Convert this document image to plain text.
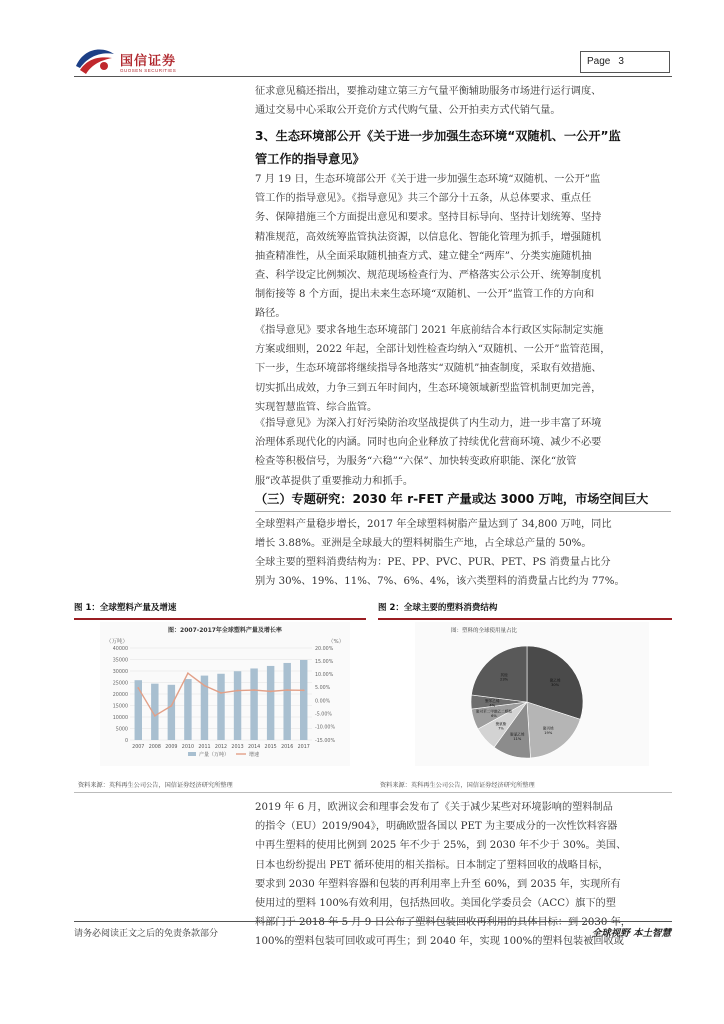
国信证券
GUOSEN SECURITIES
Page 3
征求意见稿还指出，要推动建立第三方气量平衡辅助服务市场进行运行调度、
通过交易中心采取公开竞价方式代购气量、公开拍卖方式代销气量。
3、生态环境部公开《关于进一步加强生态环境“双随机、一公开”监
管工作的指导意见》
7 月 19 日，生态环境部公开《关于进一步加强生态环境“双随机、一公开”监
管工作的指导意见》。《指导意见》共三个部分十五条，从总体要求、重点任
务、保障措施三个方面提出意见和要求。坚持目标导向、坚持计划统筹、坚持
精准规范，高效统筹监管执法资源，以信息化、智能化管理为抓手，增强随机
抽查精准性，从全面采取随机抽查方式、建立健全“两库”、分类实施随机抽
查、科学设定比例频次、规范现场检查行为、严格落实公示公开、统筹制度机
制衔接等 8 个方面，提出未来生态环境“双随机、一公开”监管工作的方向和
路径。
《指导意见》要求各地生态环境部门 2021 年底前结合本行政区实际制定实施
方案或细则，2022 年起，全部计划性检查均纳入“双随机、一公开”监管范围，
下一步，生态环境部将继续指导各地落实“双随机”抽查制度，采取有效措施、
切实抓出成效，力争三到五年时间内，生态环境领域新型监管机制更加完善，
实现智慧监管、综合监管。
《指导意见》为深入打好污染防治攻坚战提供了内生动力，进一步丰富了环境
治理体系现代化的内涵。同时也向企业释放了持续优化营商环境、减少不必要
检查等积极信号，为服务“六稳”“六保”、加快转变政府职能、深化“放管
服”改革提供了重要推动力和抓手。
（三）专题研究：2030 年 r-FET 产量或达 3000 万吨，市场空间巨大
全球塑料产量稳步增长，2017 年全球塑料树脂产量达到了 34,800 万吨，同比
增长 3.88%。亚洲是全球最大的塑料树脂生产地，占全球总产量的 50%。
全球主要的塑料消费结构为：PE、PP、PVC、PUR、PET、PS 消费量占比分
别为 30%、19%、11%、7%、6%、4%，该六类塑料的消费量占比约为 77%。
图 1：全球塑料产量及增速	图 2：全球主要的塑料消费结构
图：2007-2017年全球塑料产量及增长率
（万吨）	（%）
0
5000
10000
15000
20000
25000
30000
35000
40000
-15.00%
-10.00%
-5.00%
0.00%
5.00%
10.00%
15.00%
20.00%
2007 2008 2009 2010 2011 2012 2013 2014 2015 2016 2017
产量（万吨）	增速
图：塑料的全球使用量占比
聚乙烯
30%
聚丙烯
19%
聚氯乙烯
11%
聚氨酯
7%
聚对苯二甲酸乙二醇酯
6%
聚苯乙烯
4%
其他
23%
资料来源：英科再生公司公告，国信证券经济研究所整理	资料来源：英科再生公司公告，国信证券经济研究所整理
2019 年 6 月，欧洲议会和理事会发布了《关于减少某些对环境影响的塑料制品
的指令（EU）2019/904》，明确欧盟各国以 PET 为主要成分的一次性饮料容器
中再生塑料的使用比例到 2025 年不少于 25%，到 2030 年不少于 30%。美国、
日本也纷纷提出 PET 循环使用的相关指标。日本制定了塑料回收的战略目标，
要求到 2030 年塑料容器和包装的再利用率上升至 60%，到 2035 年，实现所有
使用过的塑料 100%有效利用，包括热回收。美国化学委员会（ACC）旗下的塑
料部门于 2018 年 5 月 9 日公布了塑料包装回收再利用的具体目标：到 2030 年，
100%的塑料包装可回收或可再生；到 2040 年，实现 100%的塑料包装被回收或
请务必阅读正文之后的免责条款部分	全球视野 本土智慧
